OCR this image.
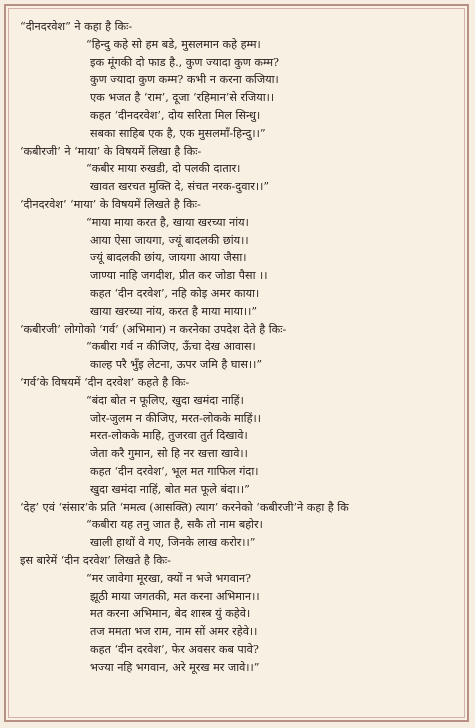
“दीनदरवेश” ने कहा है किः-
“हिन्दु कहे सो हम बडे, मुसलमान कहे हम्म।
इक मूंगकी दो फाड है., कुण ज्यादा कुण कम्म?
कुण ज्यादा कुण कम्म? कभी न करना कजिया।
एक भजत है ‘राम’, दूजा ‘रहिमान’से रजिया।।
कहत ‘दीनदरवेश’, दोय सरिता मिल सिन्धु।
सबका साहिब एक है, एक मुसलमाँ-हिन्दु।।”
‘कबीरजी’ ने ‘माया’ के विषयमें लिखा है किः-
“कबीर माया रुखडी, दो पलकी दातार।
खावत खरचत मुक्ति दे, संचत नरक-दुवार।।”
‘दीनदरवेश’ ‘माया’ के विषयमें लिखते है किः-
“माया माया करत है, खाया खरच्या नांय।
आया ऐसा जायगा, ज्यूं बादलकी छांय।।
ज्यूं बादलकी छांय, जायगा आया जैसा।
जाण्या नाहि जगदीश, प्रीत कर जोडा पैसा ।।
कहत ‘दीन दरवेश’, नहि कोइ अमर काया।
खाया खरच्या नांय, करत है माया माया।।”
‘कबीरजी’ लोगोको ‘गर्व’ (अभिमान) न करनेका उपदेश देते है किः-
“कबीरा गर्व न कीजिए, ऊँचा देख आवास।
काल्ह परै भुँइ लेटना, ऊपर जमि है घास।।”
‘गर्व’के विषयमें ‘दीन दरवेश’ कहते है किः-
“बंदा बोत न फूलिए, खुदा खमंदा नाहिं।
जोर-जुलम न कीजिए, मरत-लोकके माहिं।।
मरत-लोकके माहि, तुजरवा तुर्त दिखावे।
जेता करै गुमान, सो हि नर खत्ता खावे।।
कहत ‘दीन दरवेश’, भूल मत गाफिल गंदा।
खुदा खमंदा नाहिं, बोत मत फूले बंदा।।”
‘देह’ एवं ‘संसार’के प्रति ‘ममत्व (आसक्ति) त्याग’ करनेको ‘कबीरजी’ने कहा है कि
“कबीरा यह तनु जात है, सकै तो नाम बहोर।
खाली हाथों वे गए, जिनके लाख करोर।।”
इस बारेमें ‘दीन दरवेश’ लिखते है किः-
“मर जावेगा मूरखा, क्यों न भजे भगवान?
झूठी माया जगतकी, मत करना अभिमान।।
मत करना अभिमान, बेद शास्त्र युं कहेवे।
तज ममता भज राम, नाम सों अमर रहेवे।।
कहत ‘दीन दरवेश’, फेर अवसर कब पावे?
भज्या नहि भगवान, अरे मूरख मर जावे।।”
